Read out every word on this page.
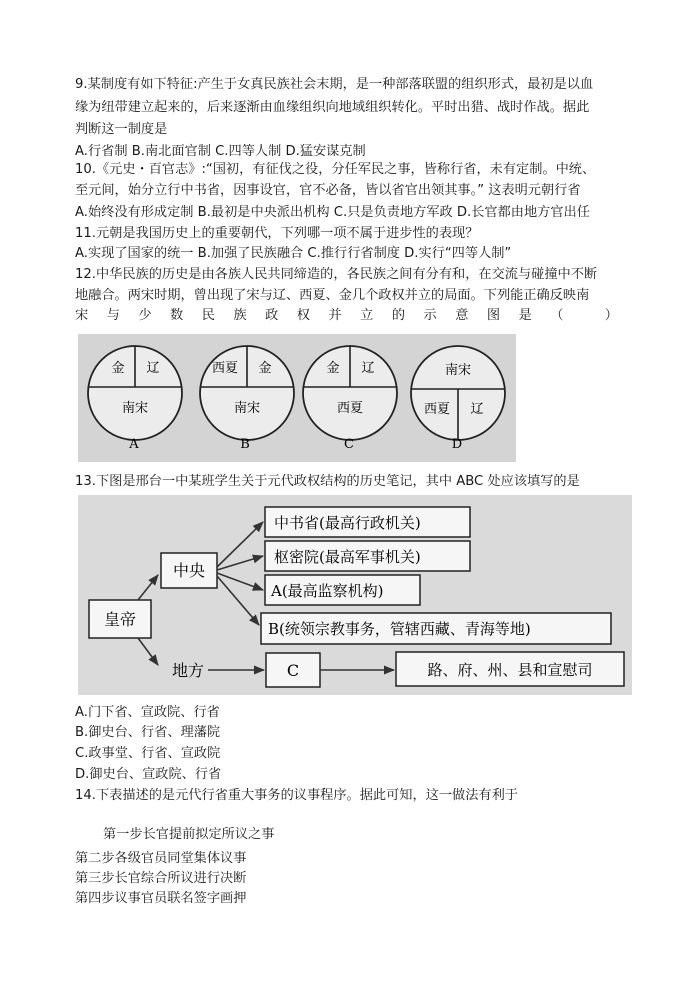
9.某制度有如下特征:产生于女真民族社会末期，是一种部落联盟的组织形式，最初是以血
缘为纽带建立起来的，后来逐渐由血缘组织向地域组织转化。平时出猎、战时作战。据此
判断这一制度是
A.行省制 B.南北面官制 C.四等人制 D.猛安谋克制
10.《元史・百官志》:“国初，有征伐之役，分任军民之事，皆称行省，未有定制。中统、
至元间，始分立行中书省，因事设官，官不必备，皆以省官出领其事。” 这表明元朝行省
A.始终没有形成定制 B.最初是中央派出机构 C.只是负责地方军政 D.长官都由地方官出任
11.元朝是我国历史上的重要朝代，下列哪一项不属于进步性的表现？
A.实现了国家的统一 B.加强了民族融合 C.推行行省制度 D.实行“四等人制”
12.中华民族的历史是由各族人民共同缔造的，各民族之间有分有和，在交流与碰撞中不断
地融合。两宋时期，曾出现了宋与辽、西夏、金几个政权并立的局面。下列能正确反映南
宋与少数民族政权并立的示意图是（ ）
金 辽
南宋
A
西夏 金
南宋
B
金 辽
西夏
C
南宋
西夏 辽
D
13.下图是邢台一中某班学生关于元代政权结构的历史笔记，其中 ABC 处应该填写的是
皇帝
中央
地方
中书省(最高行政机关)
枢密院(最高军事机关)
A(最高监察机构)
B(统领宗教事务，管辖西藏、青海等地)
C	路、府、州、县和宣慰司
A.门下省、宣政院、行省
B.御史台、行省、理藩院
C.政事堂、行省、宣政院
D.御史台、宣政院、行省
14.下表描述的是元代行省重大事务的议事程序。据此可知，这一做法有利于
第一步长官提前拟定所议之事
第二步各级官员同堂集体议事
第三步长官综合所议进行决断
第四步议事官员联名签字画押
